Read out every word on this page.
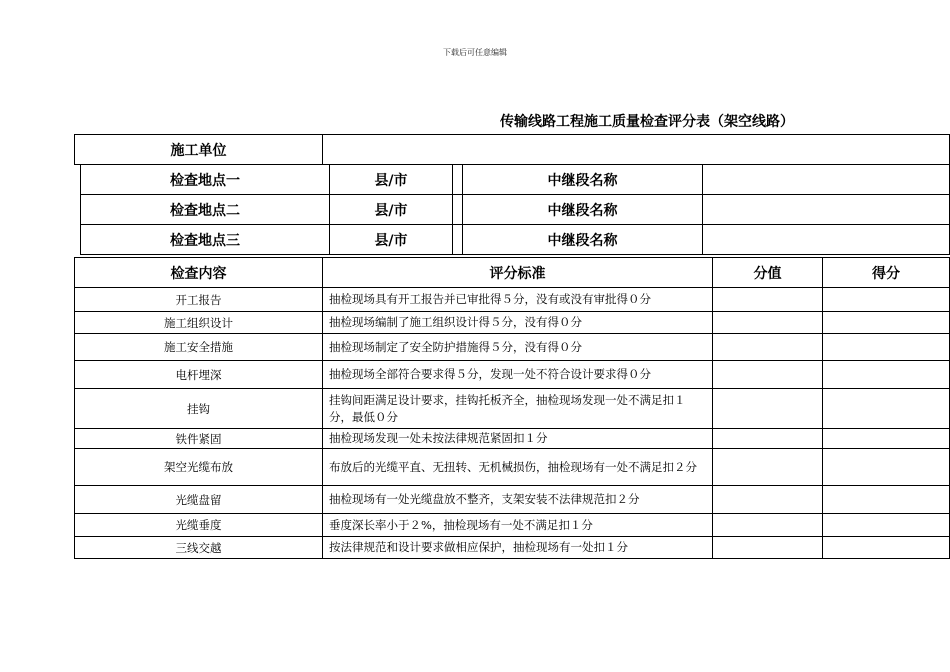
下载后可任意编辑
传输线路工程施工质量检查评分表（架空线路）
施工单位	
检查地点一	县/市		中继段名称	
检查地点二	县/市		中继段名称	
检查地点三	县/市		中继段名称	
检查内容	评分标准	分值	得分
开工报告	抽检现场具有开工报告并已审批得５分，没有或没有审批得０分		
施工组织设计	抽检现场编制了施工组织设计得５分，没有得０分		
施工安全措施	抽检现场制定了安全防护措施得５分，没有得０分		
电杆埋深	抽检现场全部符合要求得５分，发现一处不符合设计要求得０分		
挂钩	挂钩间距满足设计要求，挂钩托板齐全，抽检现场发现一处不满足扣１分，最低０分		
铁件紧固	抽检现场发现一处未按法律规范紧固扣１分		
架空光缆布放	布放后的光缆平直、无扭转、无机械损伤，抽检现场有一处不满足扣２分		
光缆盘留	抽检现场有一处光缆盘放不整齐，支架安装不法律规范扣２分		
光缆垂度	垂度深长率小于２%，抽检现场有一处不满足扣１分		
三线交越	按法律规范和设计要求做相应保护，抽检现场有一处扣１分		
